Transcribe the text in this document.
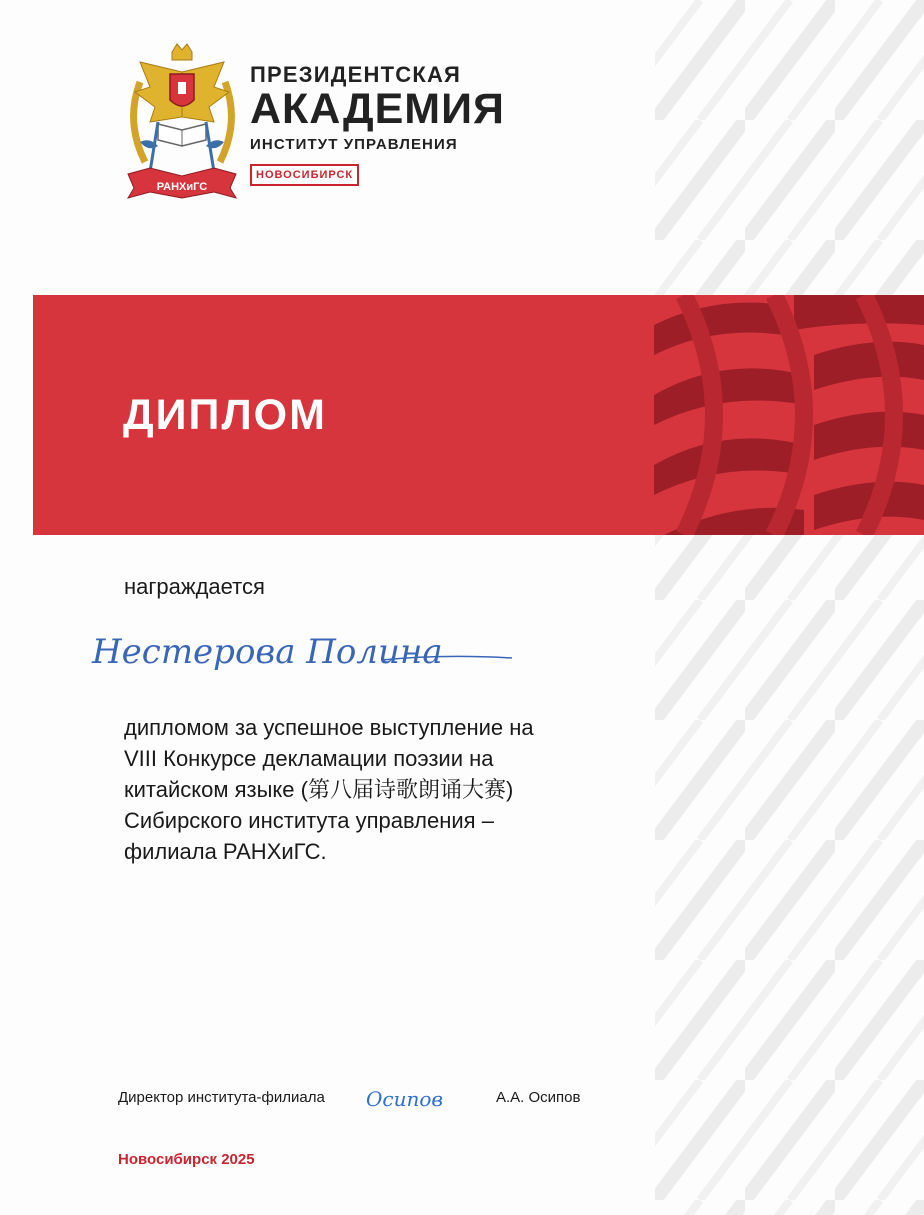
РАНХиГС
ПРЕЗИДЕНТСКАЯ
АКАДЕМИЯ
ИНСТИТУТ УПРАВЛЕНИЯ
НОВОСИБИРСК
ДИПЛОМ
награждается
Нестерова Полина
дипломом за успешное выступление на
VIII Конкурсе декламации поэзии на
китайском языке (第八届诗歌朗诵大赛)
Сибирского института управления –
филиала РАНХиГС.
Директор института-филиала Осипов	А.А. Осипов
Новосибирск 2025
